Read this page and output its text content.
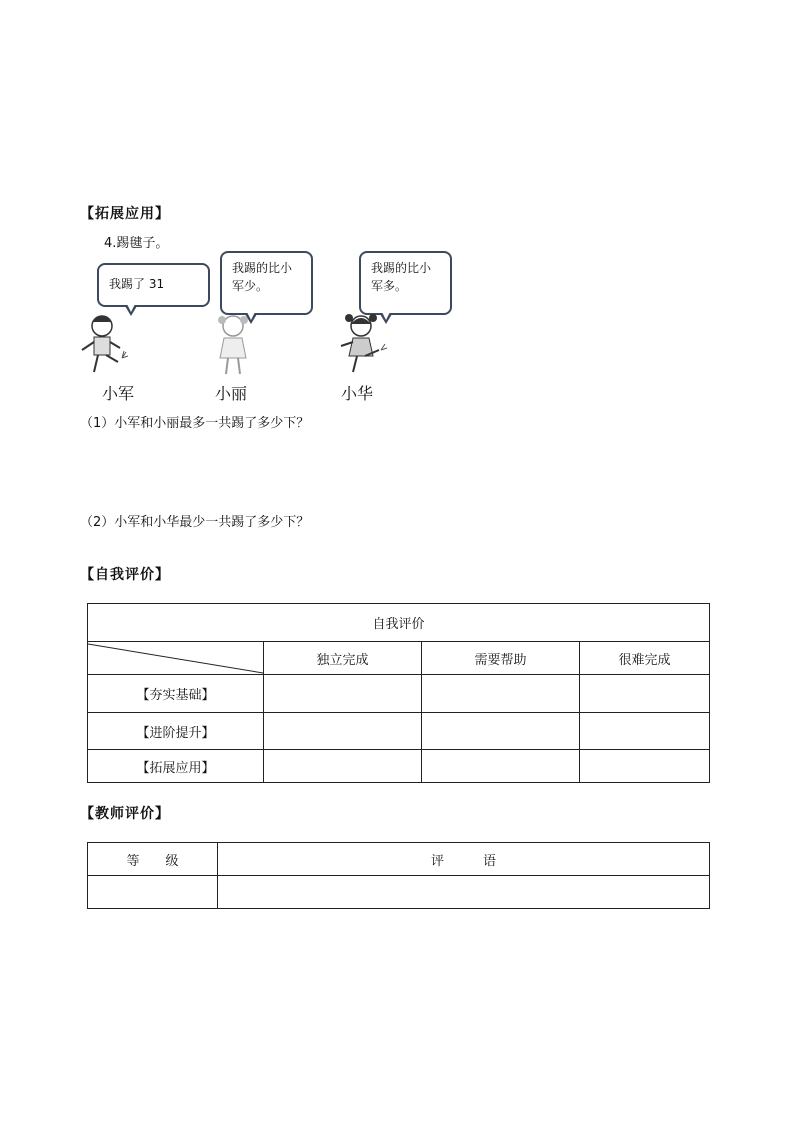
【拓展应用】
4.踢毽子。
我踢了 31
我踢的比小军少。
我踢的比小军多。
小军	小丽	小华
（1）小军和小丽最多一共踢了多少下？
（2）小军和小华最少一共踢了多少下？
【自我评价】
自我评价			

	独立完成	需要帮助	很难完成
【夯实基础】			
【进阶提升】			
【拓展应用】			
【教师评价】
等　　级	评　　　语
